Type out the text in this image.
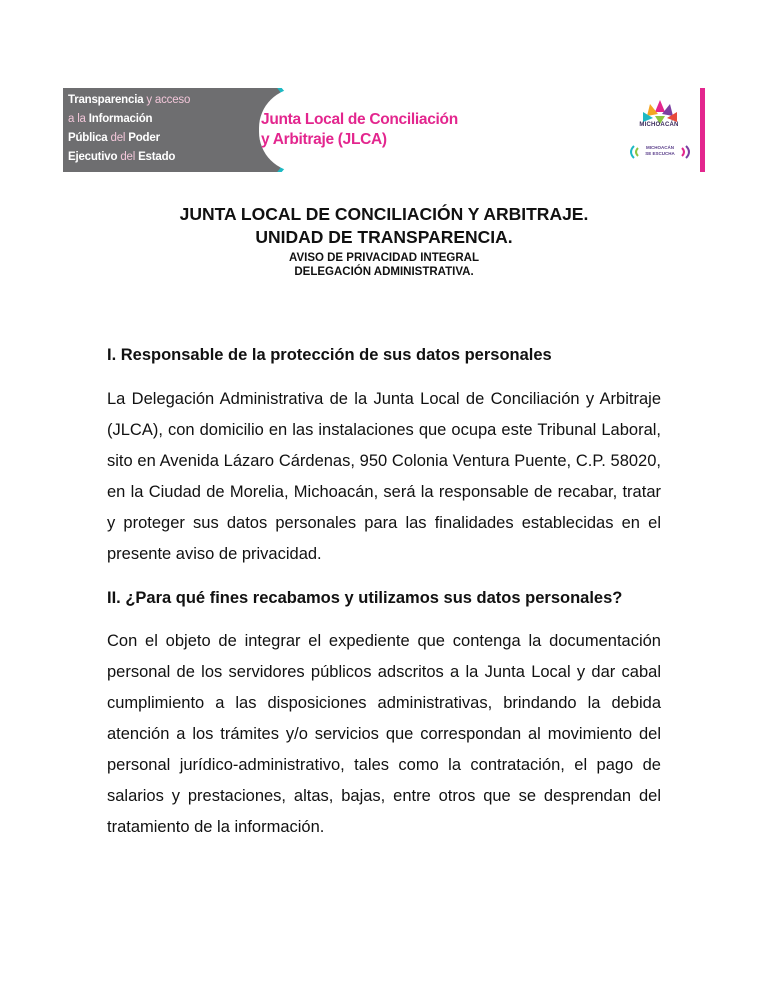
Transparencia y acceso
a la Información
Pública del Poder
Ejecutivo del Estado
Junta Local de Conciliación
y Arbitraje (JLCA)
MICHOACÁN
MICHOACÁN
SE ESCUCHA
JUNTA LOCAL DE CONCILIACIÓN Y ARBITRAJE.
UNIDAD DE TRANSPARENCIA.
AVISO DE PRIVACIDAD INTEGRAL
DELEGACIÓN ADMINISTRATIVA.
I. Responsable de la protección de sus datos personales
La Delegación Administrativa de la Junta Local de Conciliación y Arbitraje (JLCA), con domicilio en las instalaciones que ocupa este Tribunal Laboral, sito en Avenida Lázaro Cárdenas, 950 Colonia Ventura Puente, C.P. 58020, en la Ciudad de Morelia, Michoacán, será la responsable de recabar, tratar y proteger sus datos personales para las finalidades establecidas en el presente aviso de privacidad.
II. ¿Para qué fines recabamos y utilizamos sus datos personales?
Con el objeto de integrar el expediente que contenga la documentación personal de los servidores públicos adscritos a la Junta Local y dar cabal cumplimiento a las disposiciones administrativas, brindando la debida atención a los trámites y/o servicios que correspondan al movimiento del personal jurídico-administrativo, tales como la contratación, el pago de salarios y prestaciones, altas, bajas, entre otros que se desprendan del tratamiento de la información.
